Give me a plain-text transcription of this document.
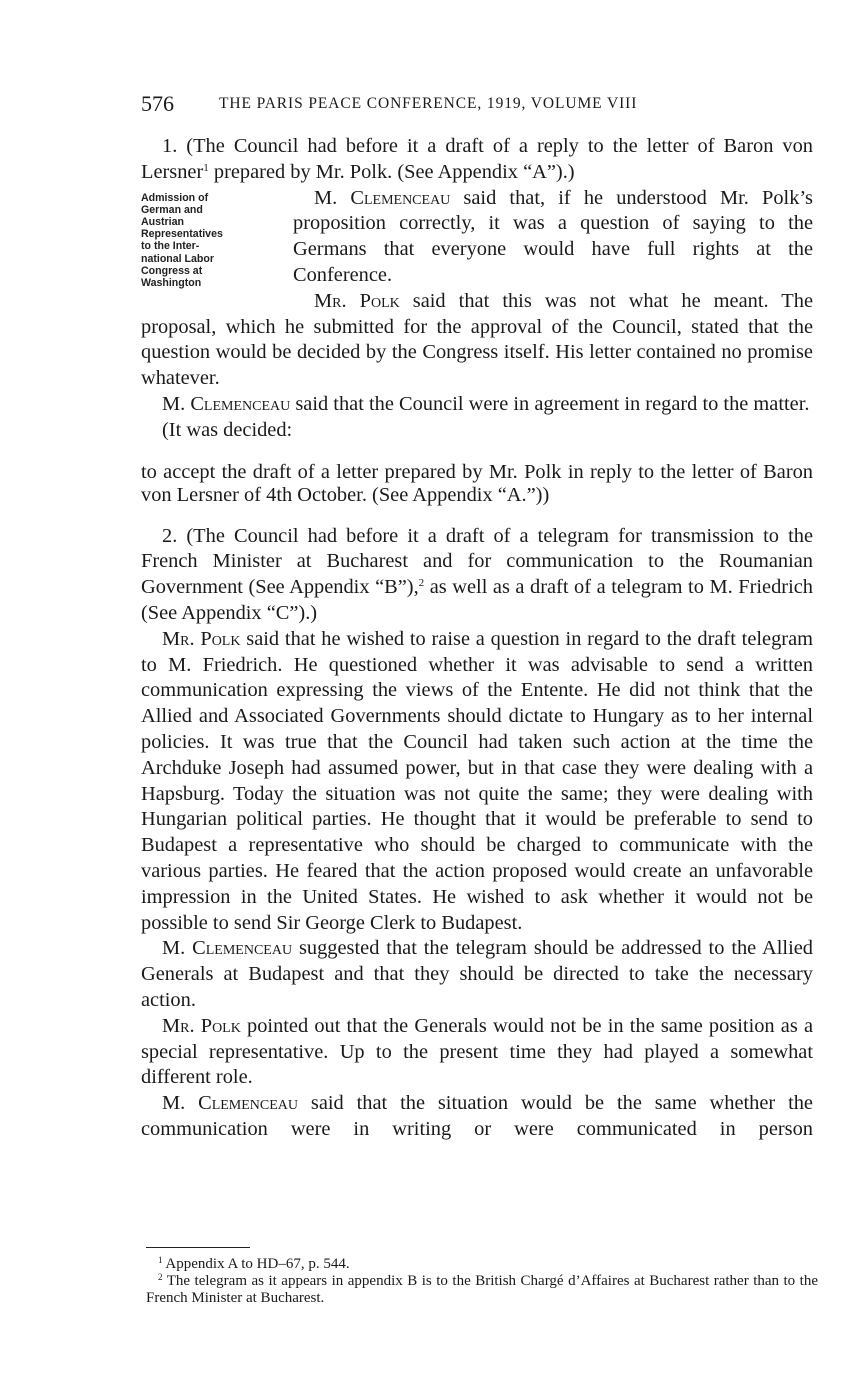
576	THE PARIS PEACE CONFERENCE, 1919, VOLUME VIII

1. (The Council had before it a draft of a reply to the letter of Baron von Lersner$^1$ prepared by Mr. Polk. (See Appendix “A”).)

Admission of
German and
Austrian
Representatives
to the Inter-
national Labor
Congress at
Washington

M. Clemenceau said that, if he understood Mr. Polk’s proposition correctly, it was a question of saying to the Germans that everyone would have full rights at the Conference.

Mr. Polk said that this was not what he meant. The proposal, which he submitted for the approval of the Council, stated that the question would be decided by the Congress itself. His letter contained no promise whatever.

M. Clemenceau said that the Council were in agreement in regard to the matter.

(It was decided:

to accept the draft of a letter prepared by Mr. Polk in reply to the letter of Baron von Lersner of 4th October. (See Appendix “A.”))

2. (The Council had before it a draft of a telegram for transmission to the French Minister at Bucharest and for communication to the Roumanian Government (See Appendix “B”),$^2$ as well as a draft of a telegram to M. Friedrich (See Appendix “C”).)

Mr. Polk said that he wished to raise a question in regard to the draft telegram to M. Friedrich. He questioned whether it was advisable to send a written communication expressing the views of the Entente. He did not think that the Allied and Associated Governments should dictate to Hungary as to her internal policies. It was true that the Council had taken such action at the time the Archduke Joseph had assumed power, but in that case they were dealing with a Hapsburg. Today the situation was not quite the same; they were dealing with Hungarian political parties. He thought that it would be preferable to send to Budapest a representative who should be charged to communicate with the various parties. He feared that the action proposed would create an unfavorable impression in the United States. He wished to ask whether it would not be possible to send Sir George Clerk to Budapest.

M. Clemenceau suggested that the telegram should be addressed to the Allied Generals at Budapest and that they should be directed to take the necessary action.

Mr. Polk pointed out that the Generals would not be in the same position as a special representative. Up to the present time they had played a somewhat different role.

M. Clemenceau said that the situation would be the same whether the communication were in writing or were communicated in person

$^1$ Appendix A to HD–67, p. 544.

$^2$ The telegram as it appears in appendix B is to the British Chargé d’Affaires at Bucharest rather than to the French Minister at Bucharest.
